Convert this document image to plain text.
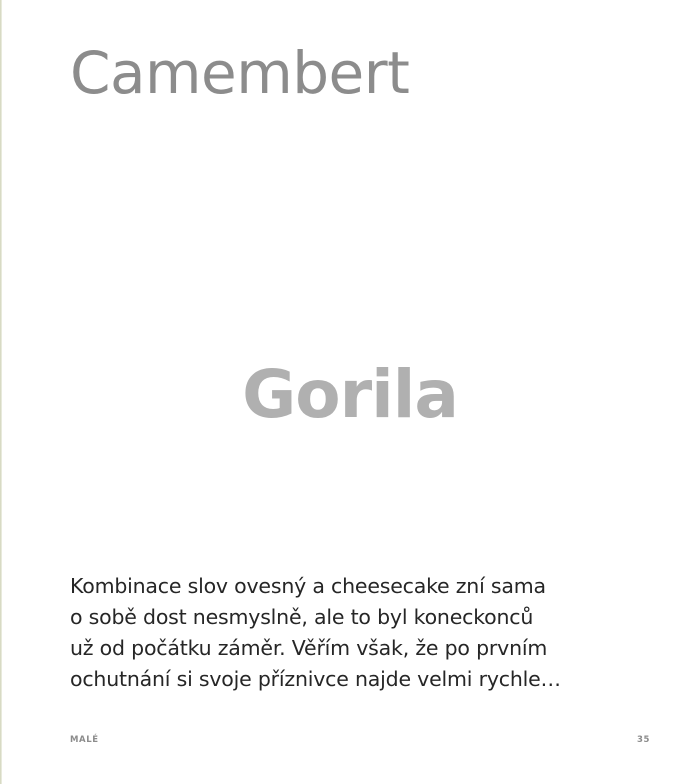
Camembert
Gorila

Kombinace slov ovesný a cheesecake zní sama
o sobě dost nesmyslně, ale to byl koneckonců
už od počátku záměr. Věřím však, že po prvním
ochutnání si svoje příznivce najde velmi rychle…

MALÉ	35
